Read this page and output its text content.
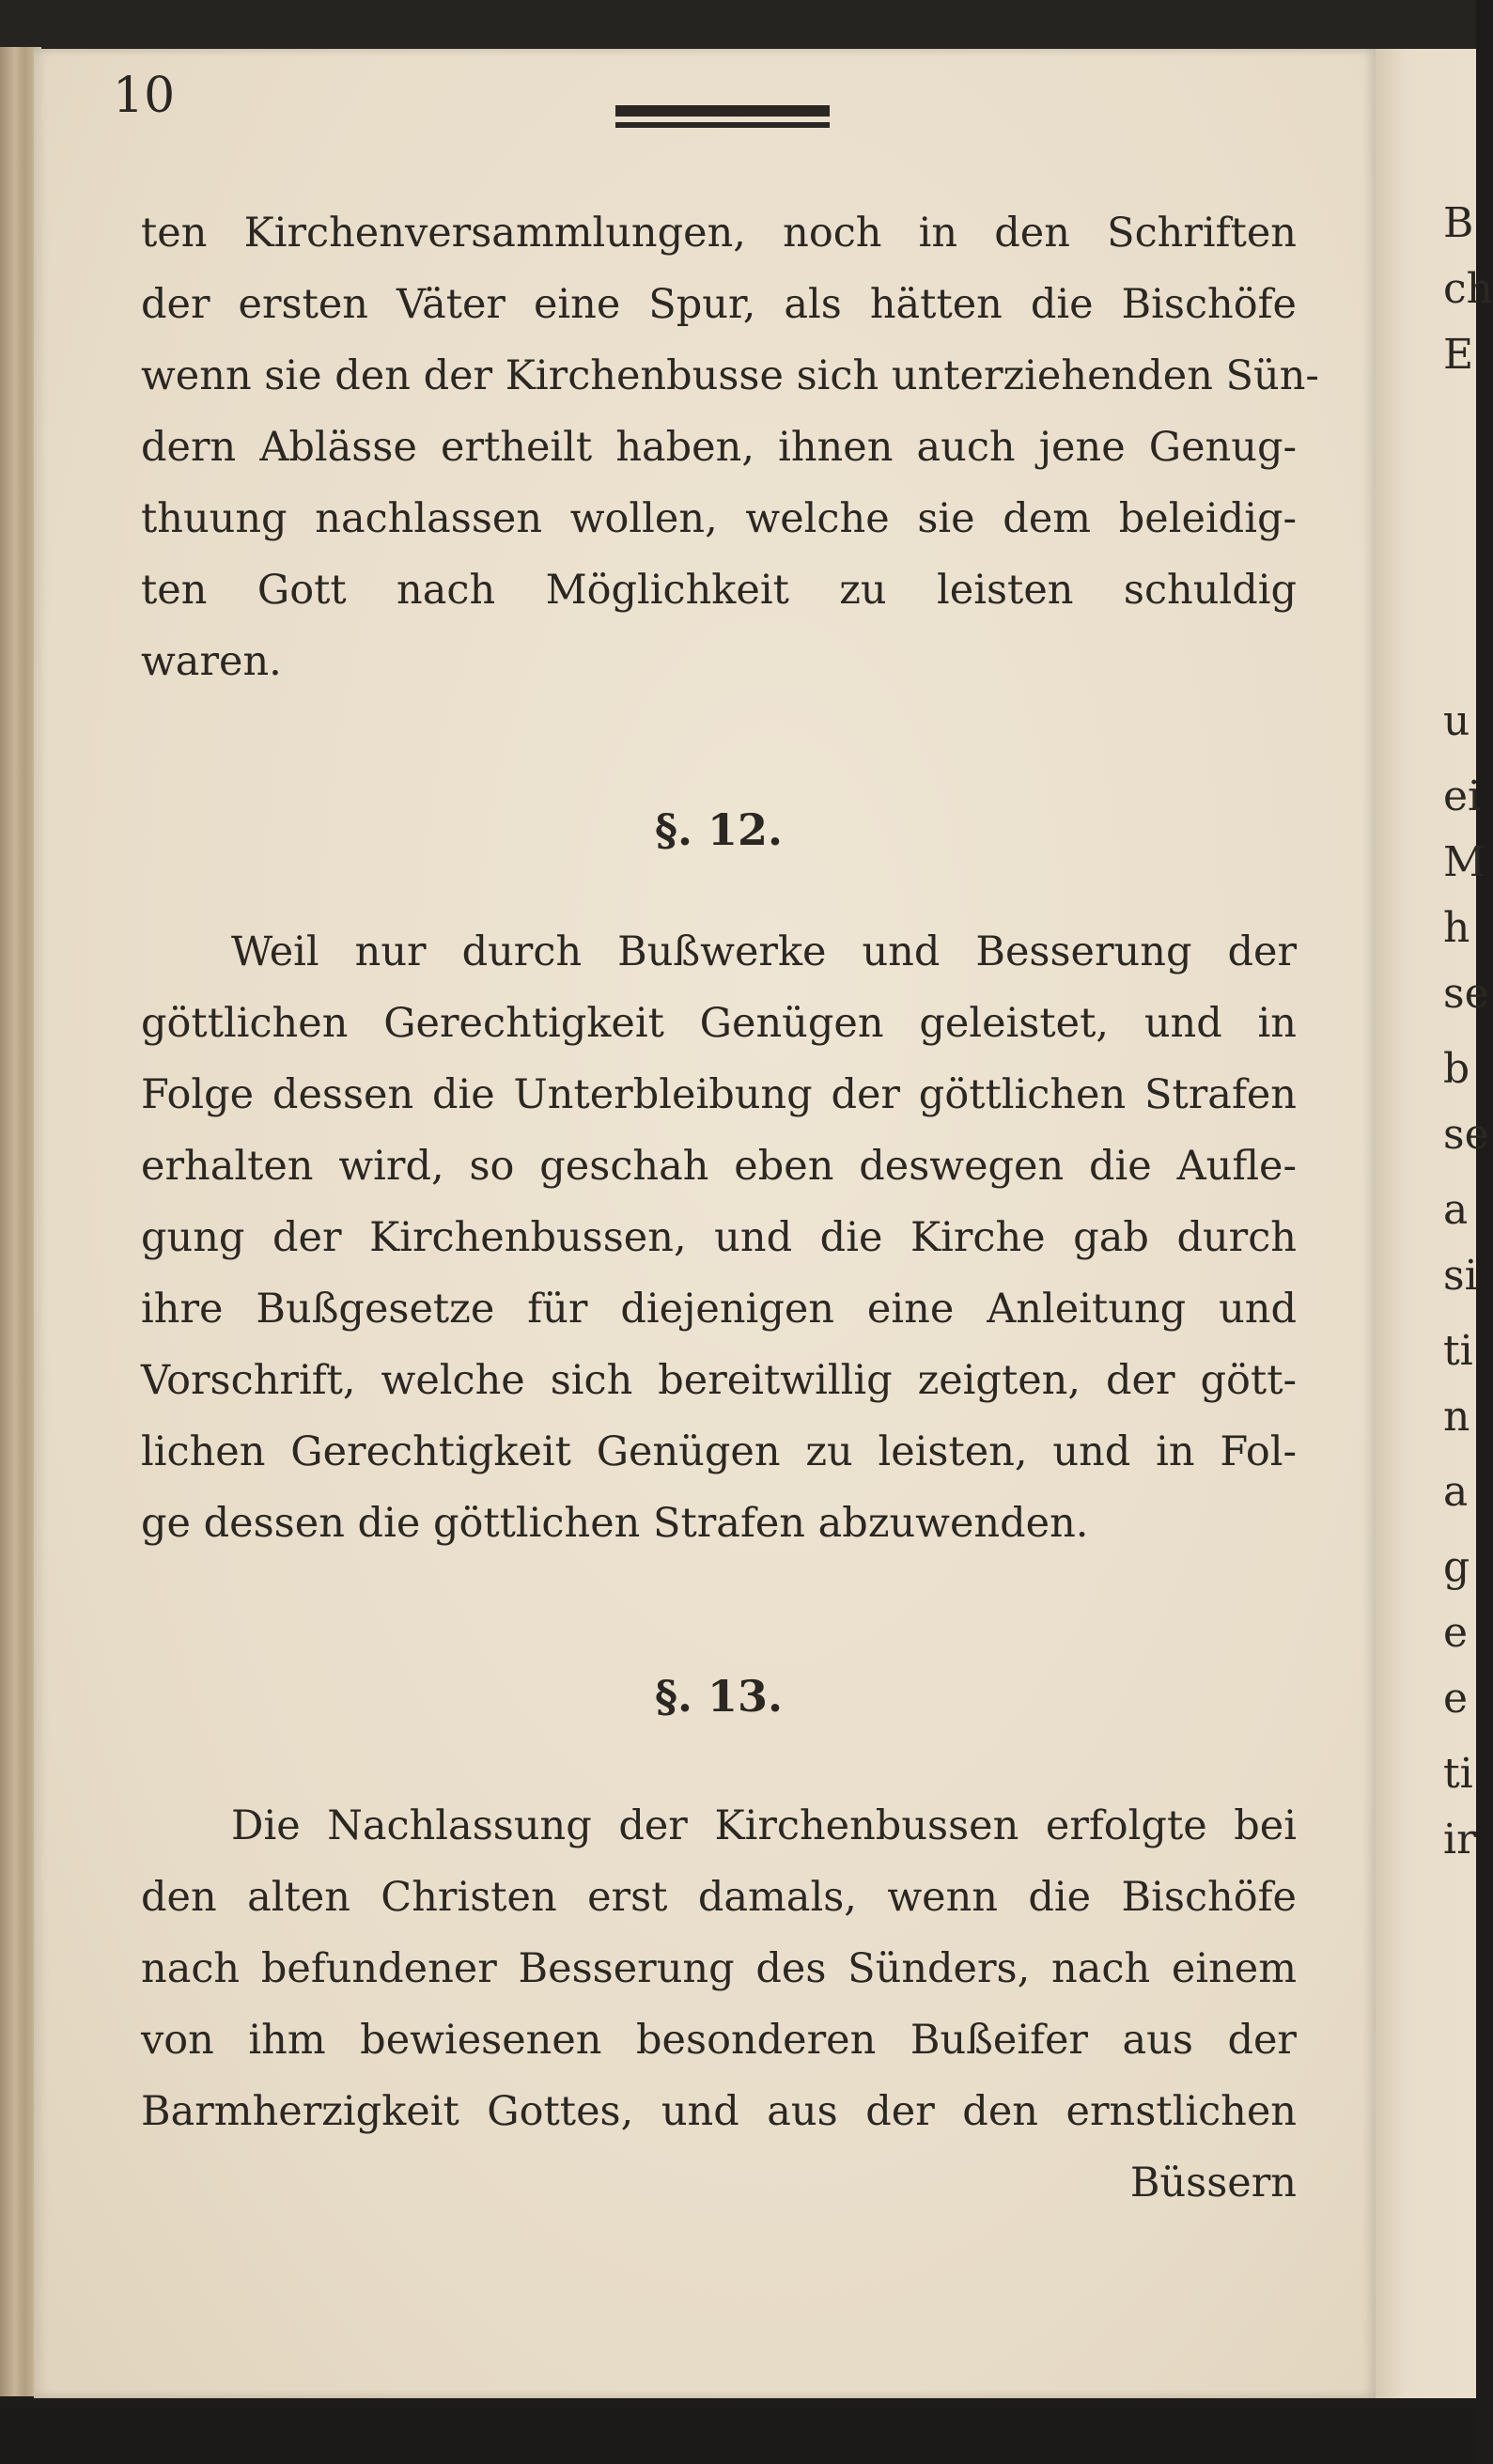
10
ten Kirchenversammlungen, noch in den Schriften
der ersten Väter eine Spur, als hätten die Bischöfe
wenn sie den der Kirchenbusse sich unterziehenden Sün-
dern Ablässe ertheilt haben, ihnen auch jene Genug-
thuung nachlassen wollen, welche sie dem beleidig-
ten Gott nach Möglichkeit zu leisten schuldig
waren.
§. 12.
Weil nur durch Bußwerke und Besserung der
göttlichen Gerechtigkeit Genügen geleistet, und in
Folge dessen die Unterbleibung der göttlichen Strafen
erhalten wird, so geschah eben deswegen die Aufle-
gung der Kirchenbussen, und die Kirche gab durch
ihre Bußgesetze für diejenigen eine Anleitung und
Vorschrift, welche sich bereitwillig zeigten, der gött-
lichen Gerechtigkeit Genügen zu leisten, und in Fol-
ge dessen die göttlichen Strafen abzuwenden.
§. 13.
Die Nachlassung der Kirchenbussen erfolgte bei
den alten Christen erst damals, wenn die Bischöfe
nach befundener Besserung des Sünders, nach einem
von ihm bewiesenen besonderen Bußeifer aus der
Barmherzigkeit Gottes, und aus der den ernstlichen
Büssern
B
ch
E
u
ei
M
h
se
b
se
a
si
ti
n
a
g
e
e
ti
ir
